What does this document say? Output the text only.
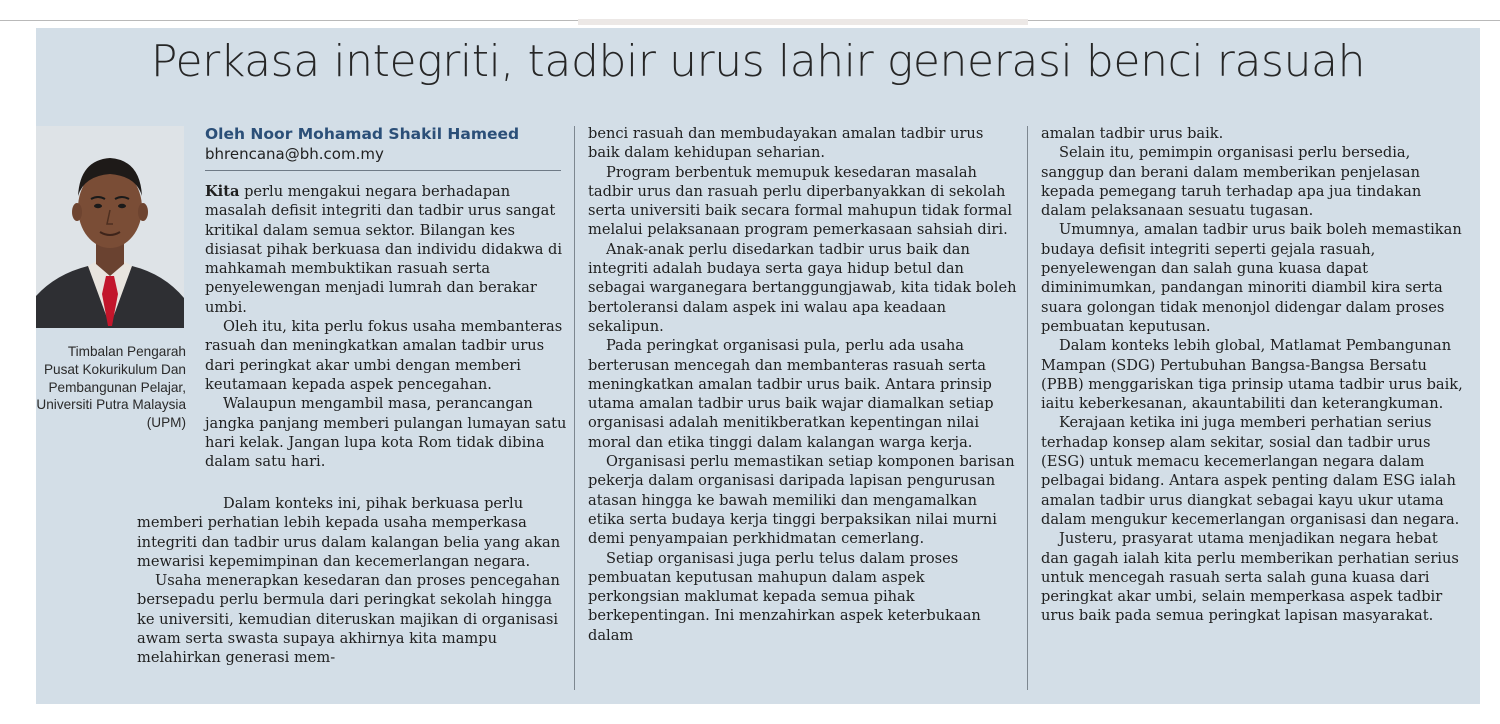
Perkasa integriti, tadbir urus lahir generasi benci rasuah
Timbalan Pengarah Pusat Kokurikulum Dan Pembangunan Pelajar, Universiti Putra Malaysia (UPM)
Oleh Noor Mohamad Shakil Hameed
bhrencana@bh.com.my

Kita perlu mengakui negara berhadapan masalah defisit integriti dan tadbir urus sangat kritikal dalam semua sektor. Bilangan kes disiasat pihak berkuasa dan individu didakwa di mahkamah membuktikan rasuah serta penyelewengan menjadi lumrah dan berakar umbi.

Oleh itu, kita perlu fokus usaha membanteras rasuah dan meningkatkan amalan tadbir urus dari peringkat akar umbi dengan memberi keutamaan kepada aspek pencegahan.

Walaupun mengambil masa, perancangan jangka panjang memberi pulangan lumayan satu hari kelak. Jangan lupa kota Rom tidak dibina dalam satu hari.

Dalam konteks ini, pihak berkuasa perlu memberi perhatian lebih kepada usaha memperkasa integriti dan tadbir urus dalam kalangan belia yang akan mewarisi kepemimpinan dan kecemerlangan negara.

Usaha menerapkan kesedaran dan proses pencegahan bersepadu perlu bermula dari peringkat sekolah hingga ke universiti, kemudian diteruskan majikan di organisasi awam serta swasta supaya akhirnya kita mampu melahirkan generasi mem-

benci rasuah dan membudayakan amalan tadbir urus baik dalam kehidupan seharian.

Program berbentuk memupuk kesedaran masalah tadbir urus dan rasuah perlu diperbanyakkan di sekolah serta universiti baik secara formal mahupun tidak formal melalui pelaksanaan program pemerkasaan sahsiah diri.

Anak-anak perlu disedarkan tadbir urus baik dan integriti adalah budaya serta gaya hidup betul dan sebagai warganegara bertanggungjawab, kita tidak boleh bertoleransi dalam aspek ini walau apa keadaan sekalipun.

Pada peringkat organisasi pula, perlu ada usaha berterusan mencegah dan membanteras rasuah serta meningkatkan amalan tadbir urus baik. Antara prinsip utama amalan tadbir urus baik wajar diamalkan setiap organisasi adalah menitikberatkan kepentingan nilai moral dan etika tinggi dalam kalangan warga kerja.

Organisasi perlu memastikan setiap komponen barisan pekerja dalam organisasi daripada lapisan pengurusan atasan hingga ke bawah memiliki dan mengamalkan etika serta budaya kerja tinggi berpaksikan nilai murni demi penyampaian perkhidmatan cemerlang.

Setiap organisasi juga perlu telus dalam proses pembuatan keputusan mahupun dalam aspek perkongsian maklumat kepada semua pihak berkepentingan. Ini menzahirkan aspek keterbukaan dalam

amalan tadbir urus baik.

Selain itu, pemimpin organisasi perlu bersedia, sanggup dan berani dalam memberikan penjelasan kepada pemegang taruh terhadap apa jua tindakan dalam pelaksanaan sesuatu tugasan.

Umumnya, amalan tadbir urus baik boleh memastikan budaya defisit integriti seperti gejala rasuah, penyelewengan dan salah guna kuasa dapat diminimumkan, pandangan minoriti diambil kira serta suara golongan tidak menonjol didengar dalam proses pembuatan keputusan.

Dalam konteks lebih global, Matlamat Pembangunan Mampan (SDG) Pertubuhan Bangsa-Bangsa Bersatu (PBB) menggariskan tiga prinsip utama tadbir urus baik, iaitu keberkesanan, akauntabiliti dan keterangkuman.

Kerajaan ketika ini juga memberi perhatian serius terhadap konsep alam sekitar, sosial dan tadbir urus (ESG) untuk memacu kecemerlangan negara dalam pelbagai bidang. Antara aspek penting dalam ESG ialah amalan tadbir urus diangkat sebagai kayu ukur utama dalam mengukur kecemerlangan organisasi dan negara.

Justeru, prasyarat utama menjadikan negara hebat dan gagah ialah kita perlu memberikan perhatian serius untuk mencegah rasuah serta salah guna kuasa dari peringkat akar umbi, selain memperkasa aspek tadbir urus baik pada semua peringkat lapisan masyarakat.
